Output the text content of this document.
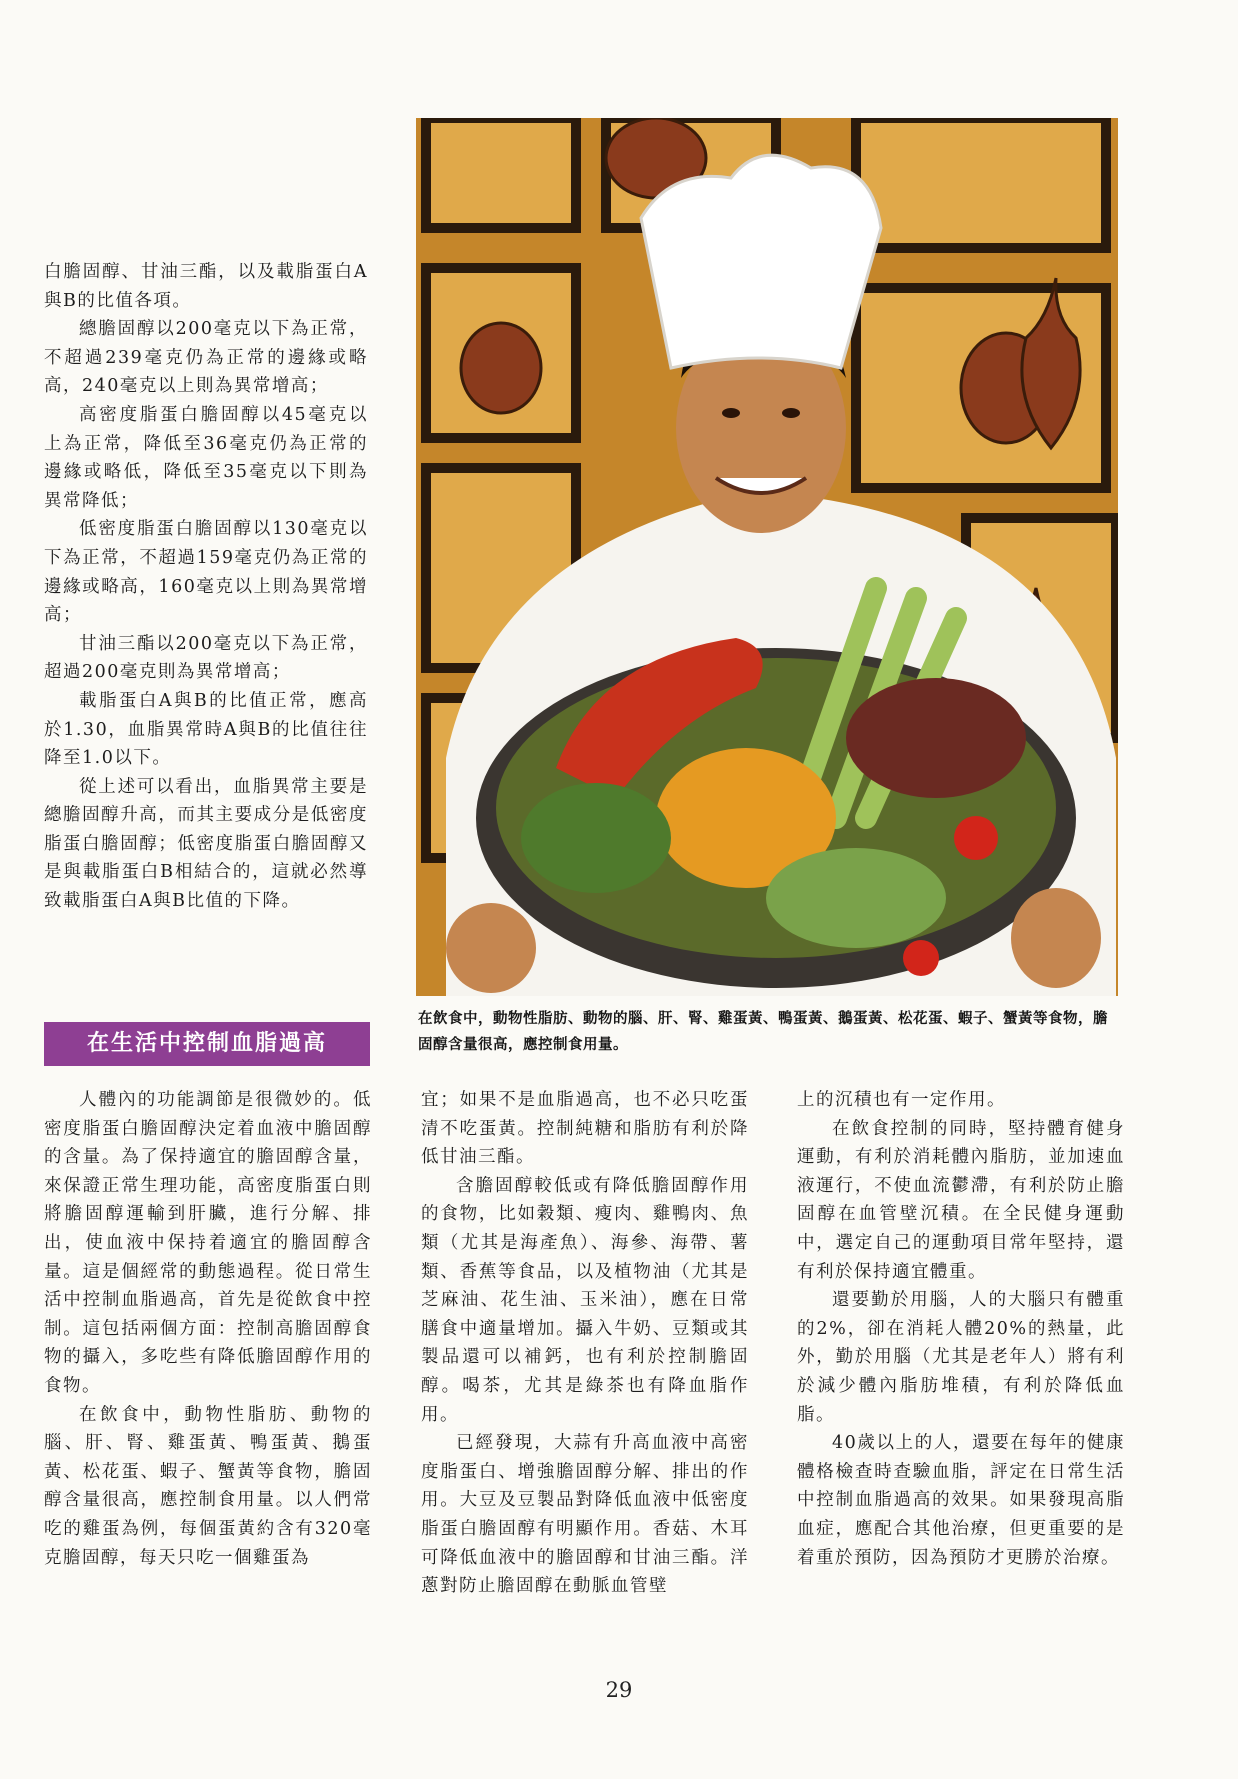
白膽固醇、甘油三酯，以及載脂蛋白A與B的比值各項。

總膽固醇以200毫克以下為正常，不超過239毫克仍為正常的邊緣或略高，240毫克以上則為異常增高；

高密度脂蛋白膽固醇以45毫克以上為正常，降低至36毫克仍為正常的邊緣或略低，降低至35毫克以下則為異常降低；

低密度脂蛋白膽固醇以130毫克以下為正常，不超過159毫克仍為正常的邊緣或略高，160毫克以上則為異常增高；

甘油三酯以200毫克以下為正常，超過200毫克則為異常增高；

載脂蛋白A與B的比值正常，應高於1.30，血脂異常時A與B的比值往往降至1.0以下。

從上述可以看出，血脂異常主要是總膽固醇升高，而其主要成分是低密度脂蛋白膽固醇；低密度脂蛋白膽固醇又是與載脂蛋白B相結合的，這就必然導致載脂蛋白A與B比值的下降。

在生活中控制血脂過高

人體內的功能調節是很微妙的。低密度脂蛋白膽固醇決定着血液中膽固醇的含量。為了保持適宜的膽固醇含量，來保證正常生理功能，高密度脂蛋白則將膽固醇運輸到肝臟，進行分解、排出，使血液中保持着適宜的膽固醇含量。這是個經常的動態過程。從日常生活中控制血脂過高，首先是從飲食中控制。這包括兩個方面：控制高膽固醇食物的攝入，多吃些有降低膽固醇作用的食物。

在飲食中，動物性脂肪、動物的腦、肝、腎、雞蛋黃、鴨蛋黃、鵝蛋黃、松花蛋、蝦子、蟹黃等食物，膽固醇含量很高，應控制食用量。以人們常吃的雞蛋為例，每個蛋黃約含有320毫克膽固醇，每天只吃一個雞蛋為

宜；如果不是血脂過高，也不必只吃蛋清不吃蛋黃。控制純糖和脂肪有利於降低甘油三酯。

含膽固醇較低或有降低膽固醇作用的食物，比如穀類、瘦肉、雞鴨肉、魚類（尤其是海產魚）、海參、海帶、薯類、香蕉等食品，以及植物油（尤其是芝麻油、花生油、玉米油），應在日常膳食中適量增加。攝入牛奶、豆類或其製品還可以補鈣，也有利於控制膽固醇。喝茶，尤其是綠茶也有降血脂作用。

已經發現，大蒜有升高血液中高密度脂蛋白、增強膽固醇分解、排出的作用。大豆及豆製品對降低血液中低密度脂蛋白膽固醇有明顯作用。香菇、木耳可降低血液中的膽固醇和甘油三酯。洋蔥對防止膽固醇在動脈血管壁

上的沉積也有一定作用。

在飲食控制的同時，堅持體育健身運動，有利於消耗體內脂肪，並加速血液運行，不使血流鬱滯，有利於防止膽固醇在血管壁沉積。在全民健身運動中，選定自己的運動項目常年堅持，還有利於保持適宜體重。

還要勤於用腦，人的大腦只有體重的2%，卻在消耗人體20%的熱量，此外，勤於用腦（尤其是老年人）將有利於減少體內脂肪堆積，有利於降低血脂。

40歲以上的人，還要在每年的健康體格檢查時查驗血脂，評定在日常生活中控制血脂過高的效果。如果發現高脂血症，應配合其他治療，但更重要的是着重於預防，因為預防才更勝於治療。

在飲食中，動物性脂肪、動物的腦、肝、腎、雞蛋黃、鴨蛋黃、鵝蛋黃、松花蛋、蝦子、蟹黃等食物，膽固醇含量很高，應控制食用量。
29
